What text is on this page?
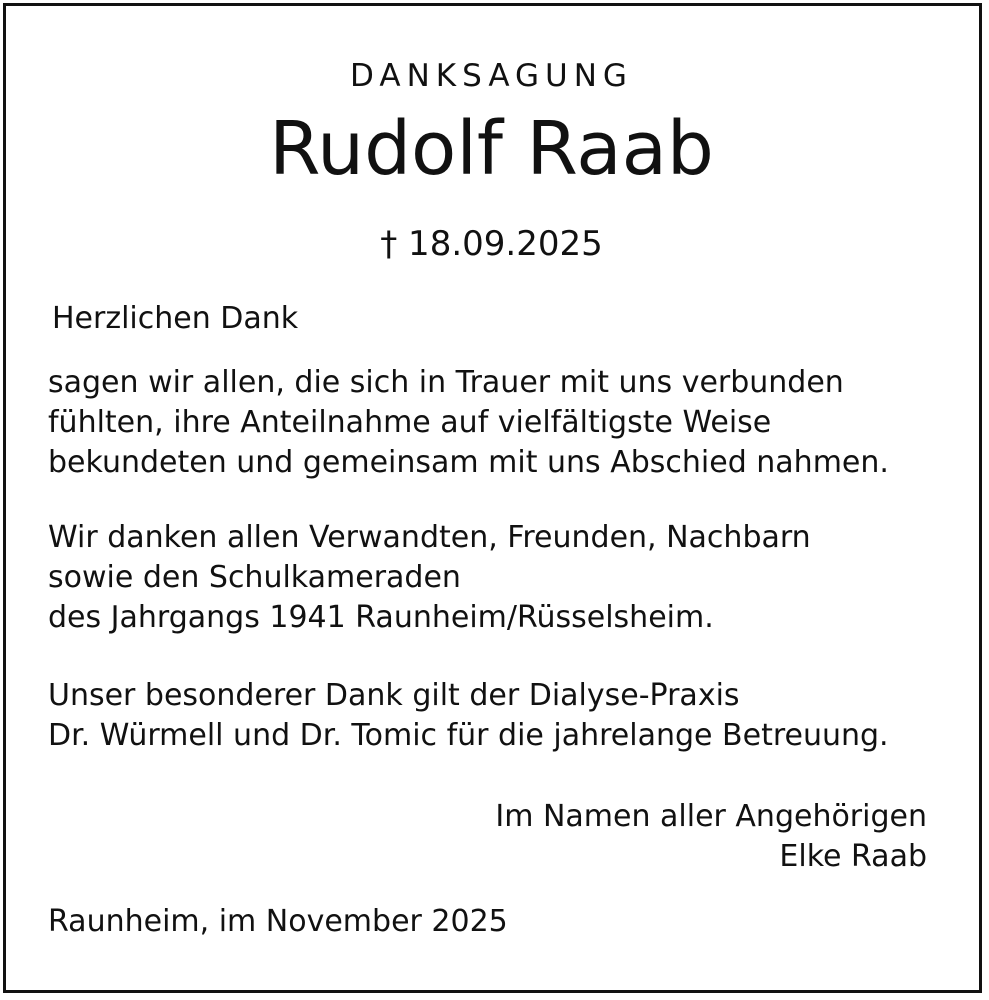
DANKSAGUNG

Rudolf Raab

† 18.09.2025

Herzlichen Dank

sagen wir allen, die sich in Trauer mit uns verbunden

fühlten, ihre Anteilnahme auf vielfältigste Weise

bekundeten und gemeinsam mit uns Abschied nahmen.

Wir danken allen Verwandten, Freunden, Nachbarn

sowie den Schulkameraden

des Jahrgangs 1941 Raunheim/Rüsselsheim.

Unser besonderer Dank gilt der Dialyse-Praxis

Dr. Würmell und Dr. Tomic für die jahrelange Betreuung.

Im Namen aller Angehörigen

Elke Raab

Raunheim, im November 2025
